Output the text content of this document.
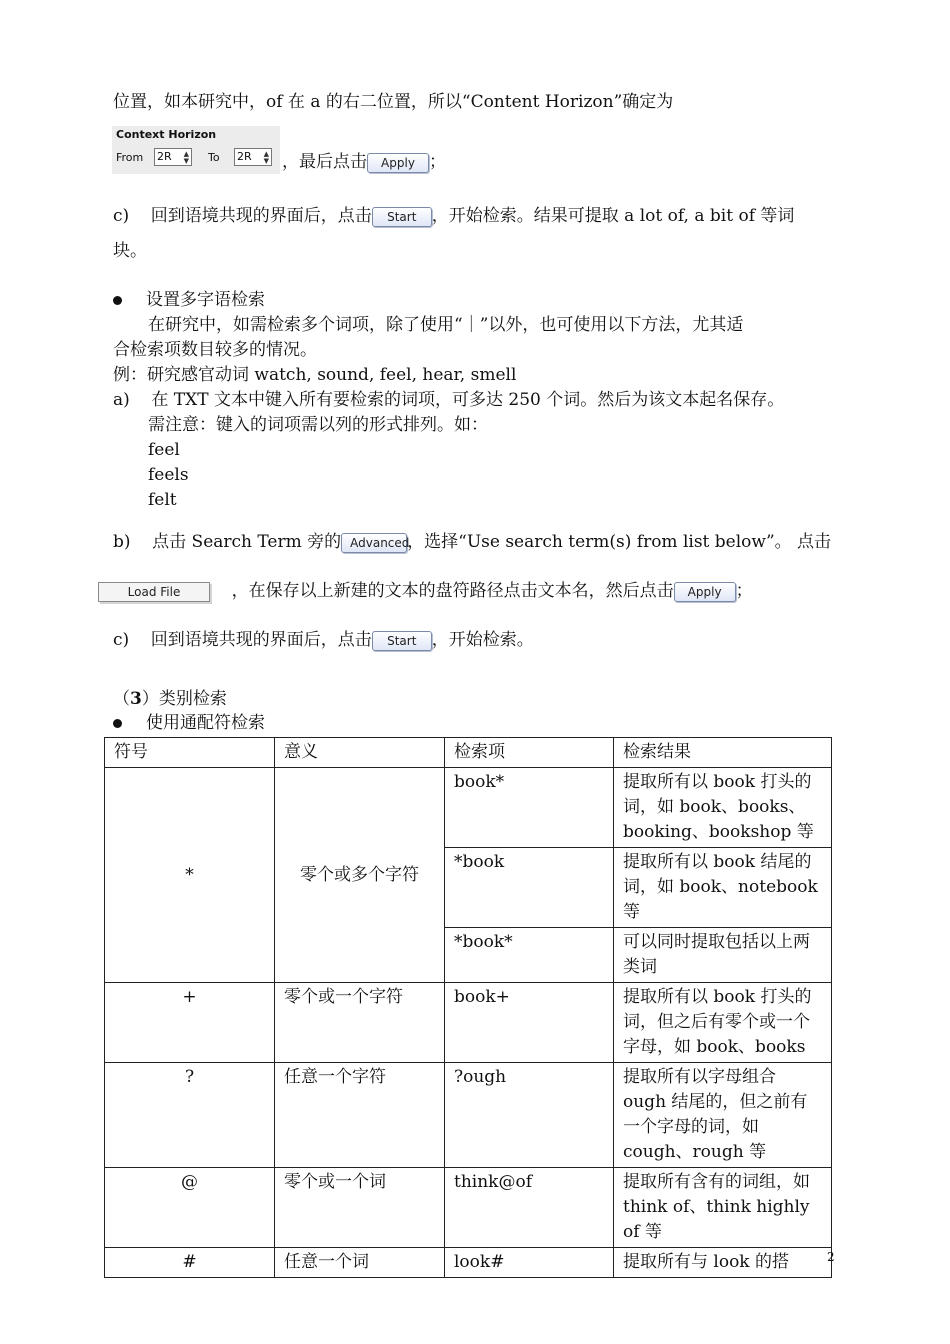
位置，如本研究中，of 在 a 的右二位置，所以“Content Horizon”确定为
Context Horizon
From 2R ▲
▼ To 2R ▲
▼ ，最后点击 Apply ；
c) 回到语境共现的界面后，点击 Start ，开始检索。结果可提取 a lot of, a bit of 等词
块。
设置多字语检索
在研究中，如需检索多个词项，除了使用“｜”以外，也可使用以下方法，尤其适
合检索项数目较多的情况。
例：研究感官动词 watch, sound, feel, hear, smell
a) 在 TXT 文本中键入所有要检索的词项，可多达 250 个词。然后为该文本起名保存。
需注意：键入的词项需以列的形式排列。如：
feel
feels
felt
b) 点击 Search Term 旁的 Advanced，选择“Use search term(s) from list below”。 点击
Load File	，在保存以上新建的文本的盘符路径点击文本名，然后点击 Apply ；
c) 回到语境共现的界面后，点击 Start ，开始检索。
（3）类别检索
使用通配符检索
符号	意义	检索项	检索结果
*	零个或多个字符	book*	提取所有以 book 打头的词，如 book、books、booking、bookshop 等
		*book	提取所有以 book 结尾的词，如 book、notebook 等
		*book*	可以同时提取包括以上两类词
+	零个或一个字符	book+	提取所有以 book 打头的词，但之后有零个或一个字母，如 book、books
?	任意一个字符	?ough	提取所有以字母组合 ough 结尾的，但之前有一个字母的词，如 cough、rough 等
@	零个或一个词	think@of	提取所有含有的词组，如 think of、think highly of 等
#	任意一个词	look#	提取所有与 look 的搭	2
